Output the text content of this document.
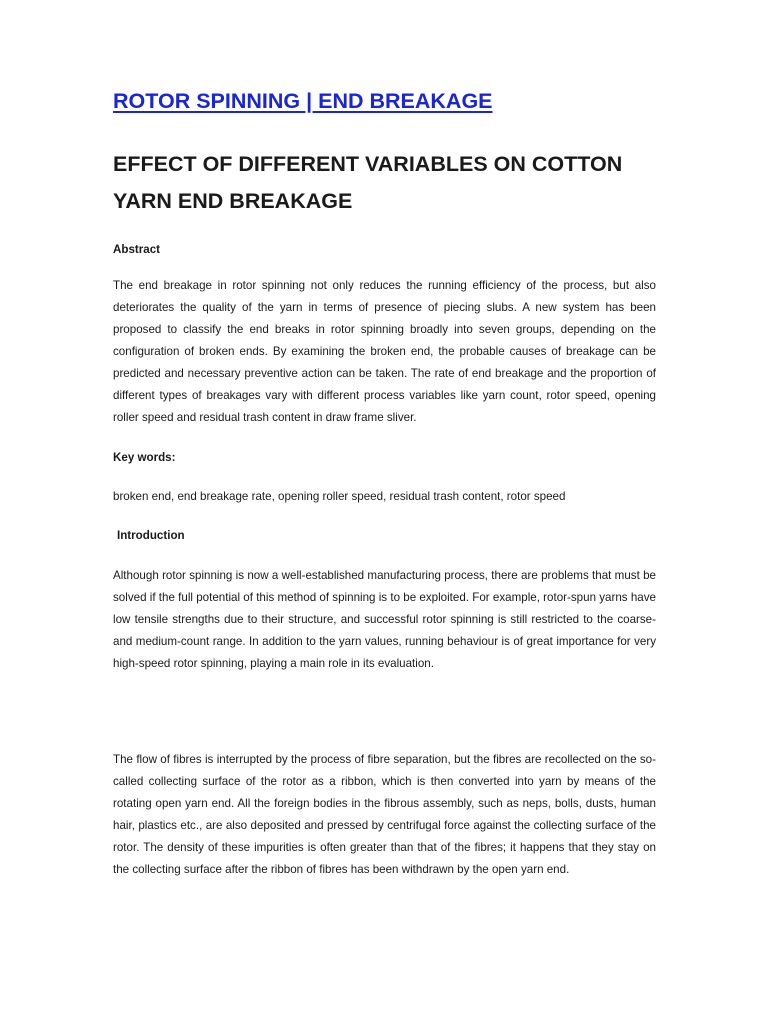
ROTOR SPINNING | END BREAKAGE
EFFECT OF DIFFERENT VARIABLES ON COTTON YARN END BREAKAGE
Abstract

The end breakage in rotor spinning not only reduces the running efficiency of the process, but also deteriorates the quality of the yarn in terms of presence of piecing slubs. A new system has been proposed to classify the end breaks in rotor spinning broadly into seven groups, depending on the configuration of broken ends. By examining the broken end, the probable causes of breakage can be predicted and necessary preventive action can be taken. The rate of end breakage and the proportion of different types of breakages vary with different process variables like yarn count, rotor speed, opening roller speed and residual trash content in draw frame sliver.

Key words:

broken end, end breakage rate, opening roller speed, residual trash content, rotor speed

Introduction

Although rotor spinning is now a well-established manufacturing process, there are problems that must be solved if the full potential of this method of spinning is to be exploited. For example, rotor-spun yarns have low tensile strengths due to their structure, and successful rotor spinning is still restricted to the coarse-and medium-count range. In addition to the yarn values, running behaviour is of great importance for very high-speed rotor spinning, playing a main role in its evaluation.

The flow of fibres is interrupted by the process of fibre separation, but the fibres are recollected on the so-called collecting surface of the rotor as a ribbon, which is then converted into yarn by means of the rotating open yarn end. All the foreign bodies in the fibrous assembly, such as neps, bolls, dusts, human hair, plastics etc., are also deposited and pressed by centrifugal force against the collecting surface of the rotor. The density of these impurities is often greater than that of the fibres; it happens that they stay on the collecting surface after the ribbon of fibres has been withdrawn by the open yarn end.
